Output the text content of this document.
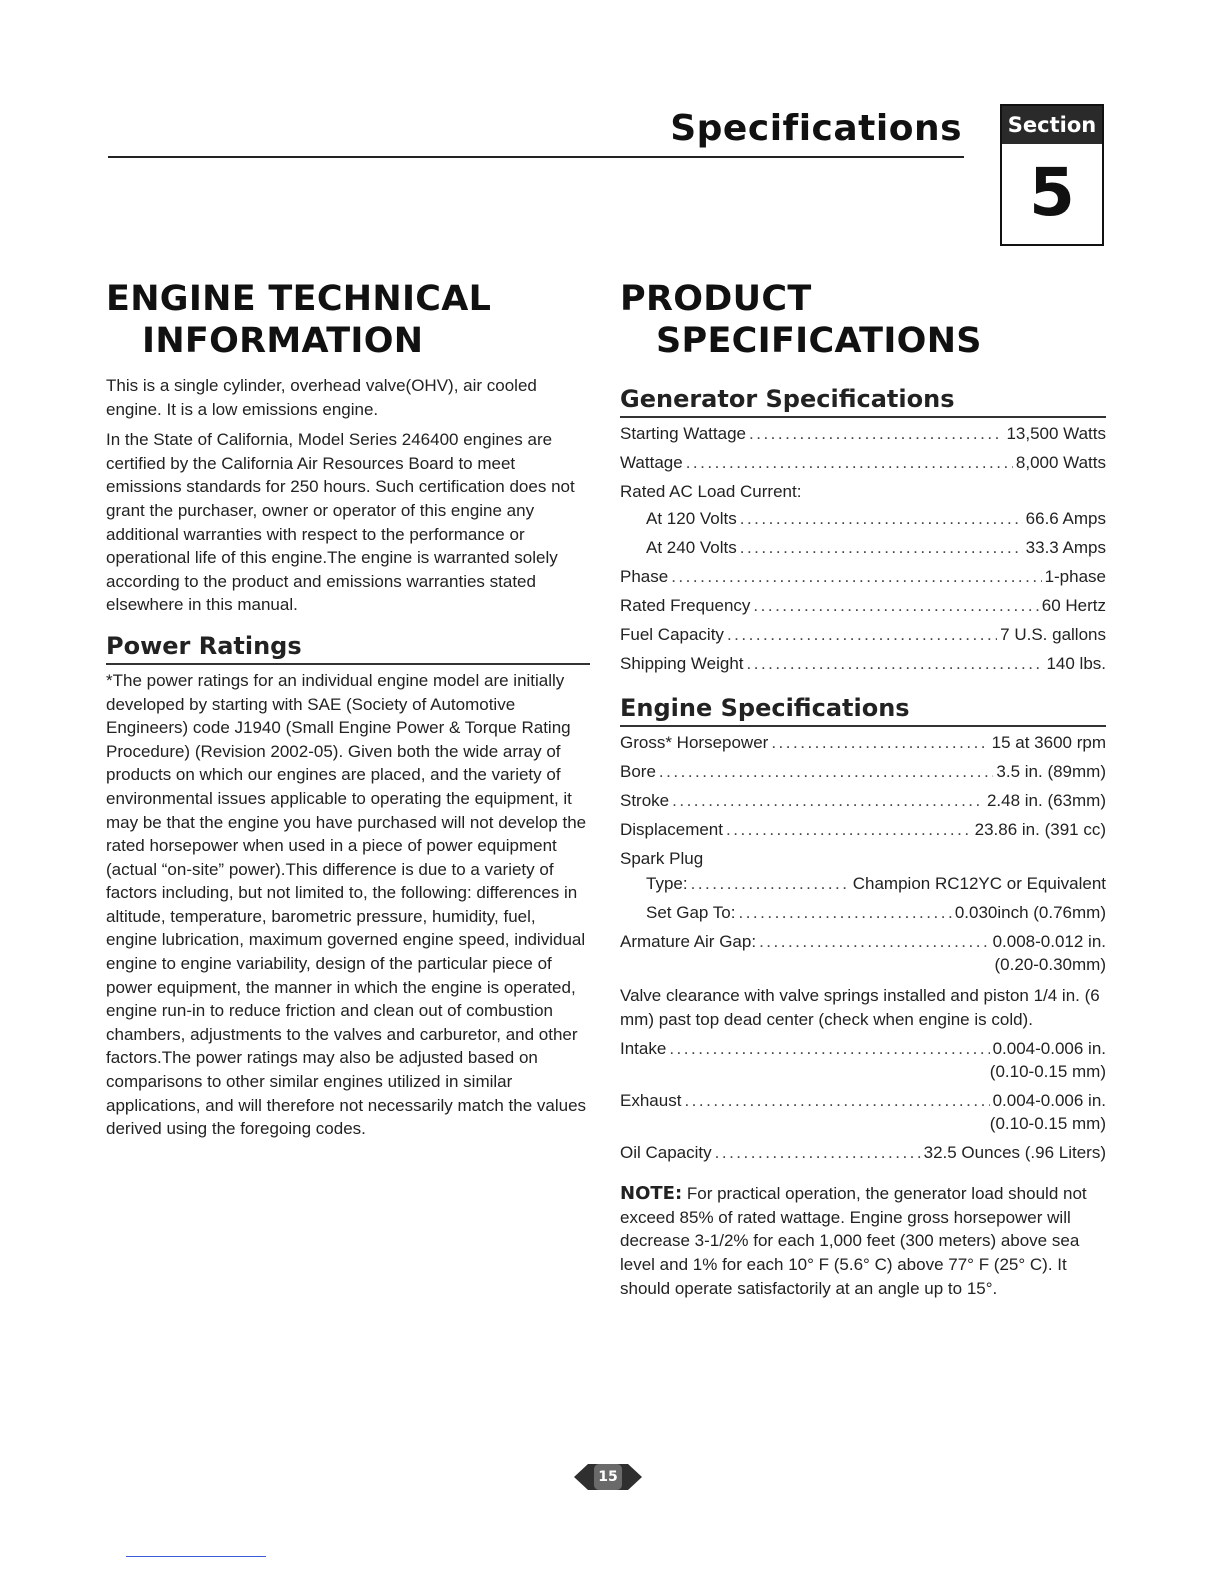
Specifications Section
5
ENGINE TECHNICAL
INFORMATION

This is a single cylinder, overhead valve(OHV), air cooled engine. It is a low emissions engine.

In the State of California, Model Series 246400 engines are certified by the California Air Resources Board to meet emissions standards for 250 hours. Such certification does not grant the purchaser, owner or operator of this engine any additional warranties with respect to the performance or operational life of this engine.The engine is warranted solely according to the product and emissions warranties stated elsewhere in this manual.

Power Ratings

*The power ratings for an individual engine model are initially developed by starting with SAE (Society of Automotive Engineers) code J1940 (Small Engine Power & Torque Rating Procedure) (Revision 2002-05). Given both the wide array of products on which our engines are placed, and the variety of environmental issues applicable to operating the equipment, it may be that the engine you have purchased will not develop the rated horsepower when used in a piece of power equipment (actual “on-site” power).This difference is due to a variety of factors including, but not limited to, the following: differences in altitude, temperature, barometric pressure, humidity, fuel, engine lubrication, maximum governed engine speed, individual engine to engine variability, design of the particular piece of power equipment, the manner in which the engine is operated, engine run-in to reduce friction and clean out of combustion chambers, adjustments to the valves and carburetor, and other factors.The power ratings may also be adjusted based on comparisons to other similar engines utilized in similar applications, and will therefore not necessarily match the values derived using the foregoing codes.

PRODUCT
SPECIFICATIONS
Generator Specifications
Starting Wattage .....	13,500 Watts
Wattage .....	8,000 Watts
Rated AC Load Current:
At 120 Volts .....	66.6 Amps
At 240 Volts .....	33.3 Amps
Phase .....	1-phase
Rated Frequency .....	60 Hertz
Fuel Capacity .....	7 U.S. gallons
Shipping Weight .....	140 lbs.
Engine Specifications
Gross* Horsepower .....	15 at 3600 rpm
Bore .....	3.5 in. (89mm)
Stroke .....	2.48 in. (63mm)
Displacement .....	23.86 in. (391 cc)
Spark Plug
Type: .....	Champion RC12YC or Equivalent
Set Gap To: .....	0.030inch (0.76mm)
Armature Air Gap: .....	0.008-0.012 in.
(0.20-0.30mm)

Valve clearance with valve springs installed and piston 1/4 in. (6 mm) past top dead center (check when engine is cold).

Intake .....	0.004-0.006 in.
(0.10-0.15 mm)
Exhaust .....	0.004-0.006 in.
(0.10-0.15 mm)
Oil Capacity .....	32.5 Ounces (.96 Liters)

NOTE: For practical operation, the generator load should not exceed 85% of rated wattage. Engine gross horsepower will decrease 3-1/2% for each 1,000 feet (300 meters) above sea level and 1% for each 10° F (5.6° C) above 77° F (25° C). It should operate satisfactorily at an angle up to 15°.

15
